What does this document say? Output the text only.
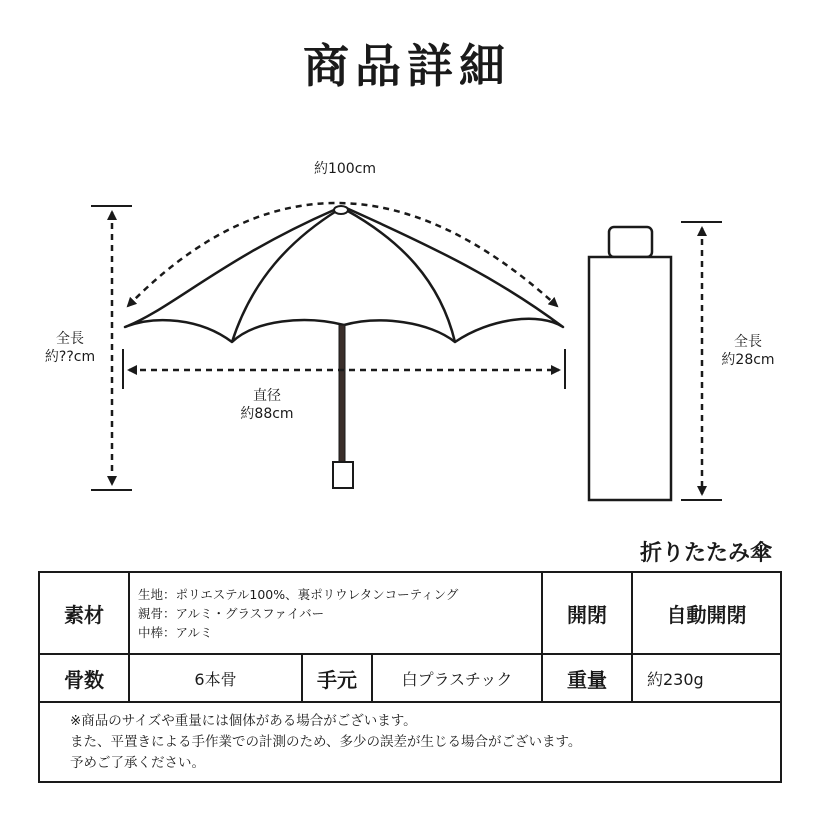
商品詳細
約100cm
全長
約??cm
直径
約88cm
全長
約28cm
折りたたみ傘
素材	生地：ポリエステル100%、裏ポリウレタンコーティング
親骨：アルミ・グラスファイバー
中棒：アルミ			開閉	自動開閉
骨数	6本骨	手元	白プラスチック	重量	約230g

※商品のサイズや重量には個体がある場合がございます。
また、平置きによる手作業での計測のため、多少の誤差が生じる場合がございます。
予めご了承ください。					
